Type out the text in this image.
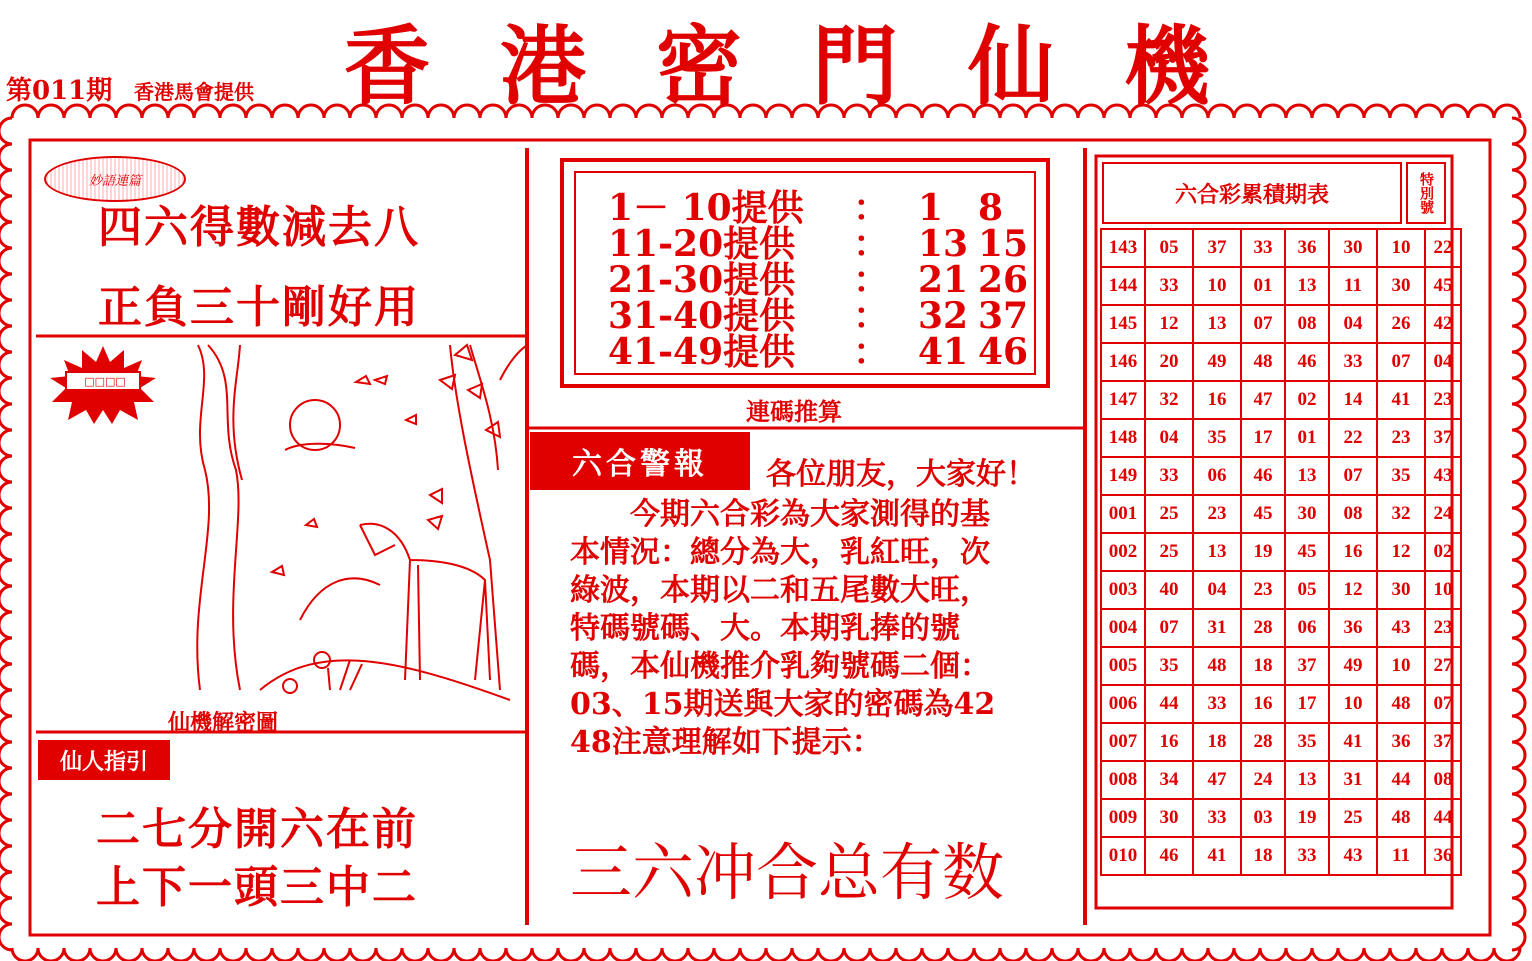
香 港 密 門 仙 機
第011期 香港馬會提供
妙語連篇
四六得數減去八
正負三十剛好用
□□□□
仙機解密圖
仙人指引
二七分開六在前
上下一頭三中二
1－ 10提供 ： 1 8
11-20提供 ： 13 15
21-30提供 ： 21 26
31-40提供 ： 32 37
41-49提供 ： 41 46
連碼推算
六合警報	各位朋友，大家好！

今期六合彩為大家測得的基

本情況：總分為大，乳紅旺，次

綠波，本期以二和五尾數大旺，

特碼號碼、大。本期乳捧的號

碼，本仙機推介乳夠號碼二個：

03、15期送與大家的密碼為42

48注意理解如下提示：

三六冲合总有数
六合彩累積期表	特別號
143	05	37	33	36	30	10	22
144	33	10	01	13	11	30	45
145	12	13	07	08	04	26	42
146	20	49	48	46	33	07	04
147	32	16	47	02	14	41	23
148	04	35	17	01	22	23	37
149	33	06	46	13	07	35	43
001	25	23	45	30	08	32	24
002	25	13	19	45	16	12	02
003	40	04	23	05	12	30	10
004	07	31	28	06	36	43	23
005	35	48	18	37	49	10	27
006	44	33	16	17	10	48	07
007	16	18	28	35	41	36	37
008	34	47	24	13	31	44	08
009	30	33	03	19	25	48	44
010	46	41	18	33	43	11	36
